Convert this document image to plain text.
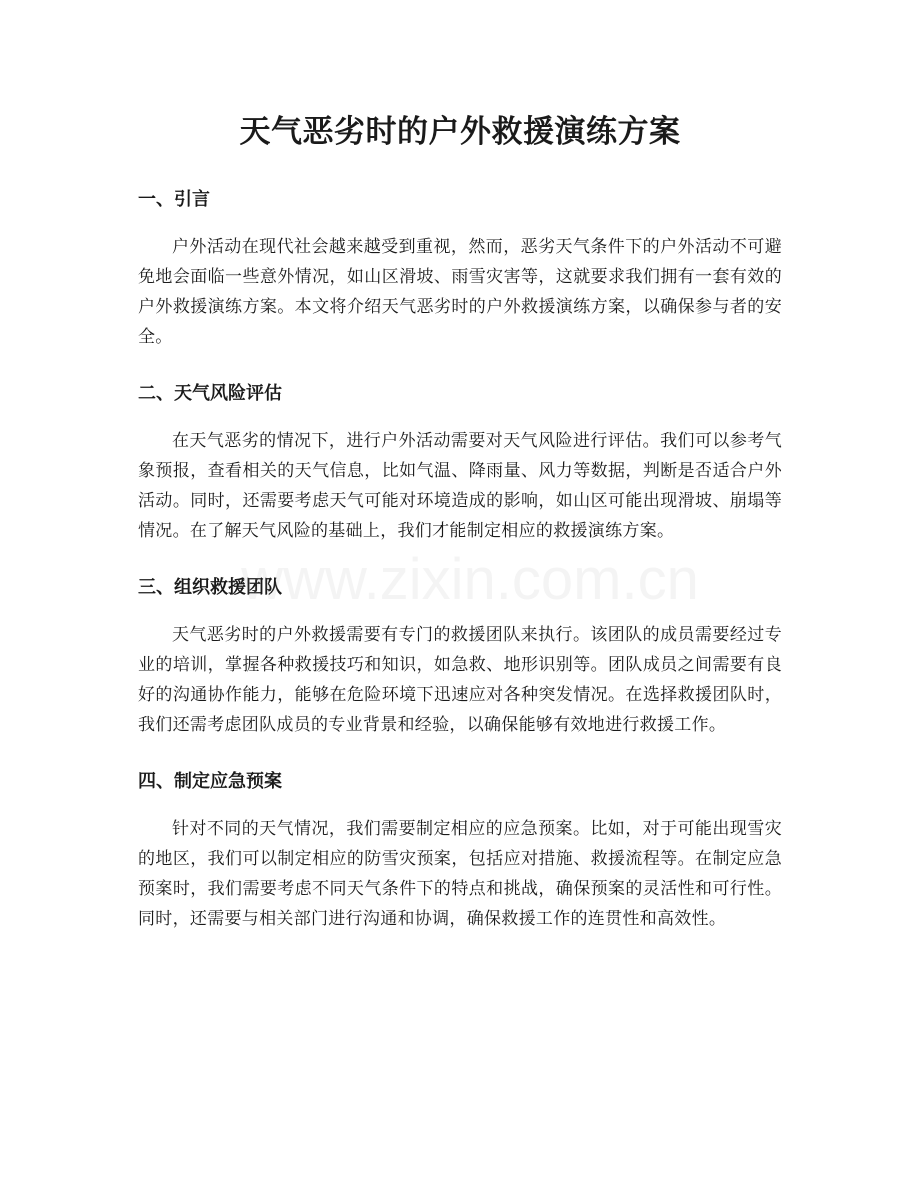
天气恶劣时的户外救援演练方案
一、引言

户外活动在现代社会越来越受到重视，然而，恶劣天气条件下的户外活动不可避免地会面临一些意外情况，如山区滑坡、雨雪灾害等，这就要求我们拥有一套有效的户外救援演练方案。本文将介绍天气恶劣时的户外救援演练方案，以确保参与者的安全。

二、天气风险评估

在天气恶劣的情况下，进行户外活动需要对天气风险进行评估。我们可以参考气象预报，查看相关的天气信息，比如气温、降雨量、风力等数据，判断是否适合户外活动。同时，还需要考虑天气可能对环境造成的影响，如山区可能出现滑坡、崩塌等情况。在了解天气风险的基础上，我们才能制定相应的救援演练方案。

三、组织救援团队

天气恶劣时的户外救援需要有专门的救援团队来执行。该团队的成员需要经过专业的培训，掌握各种救援技巧和知识，如急救、地形识别等。团队成员之间需要有良好的沟通协作能力，能够在危险环境下迅速应对各种突发情况。在选择救援团队时，我们还需考虑团队成员的专业背景和经验，以确保能够有效地进行救援工作。

四、制定应急预案

针对不同的天气情况，我们需要制定相应的应急预案。比如，对于可能出现雪灾的地区，我们可以制定相应的防雪灾预案，包括应对措施、救援流程等。在制定应急预案时，我们需要考虑不同天气条件下的特点和挑战，确保预案的灵活性和可行性。同时，还需要与相关部门进行沟通和协调，确保救援工作的连贯性和高效性。

www.zixin.com.cn
